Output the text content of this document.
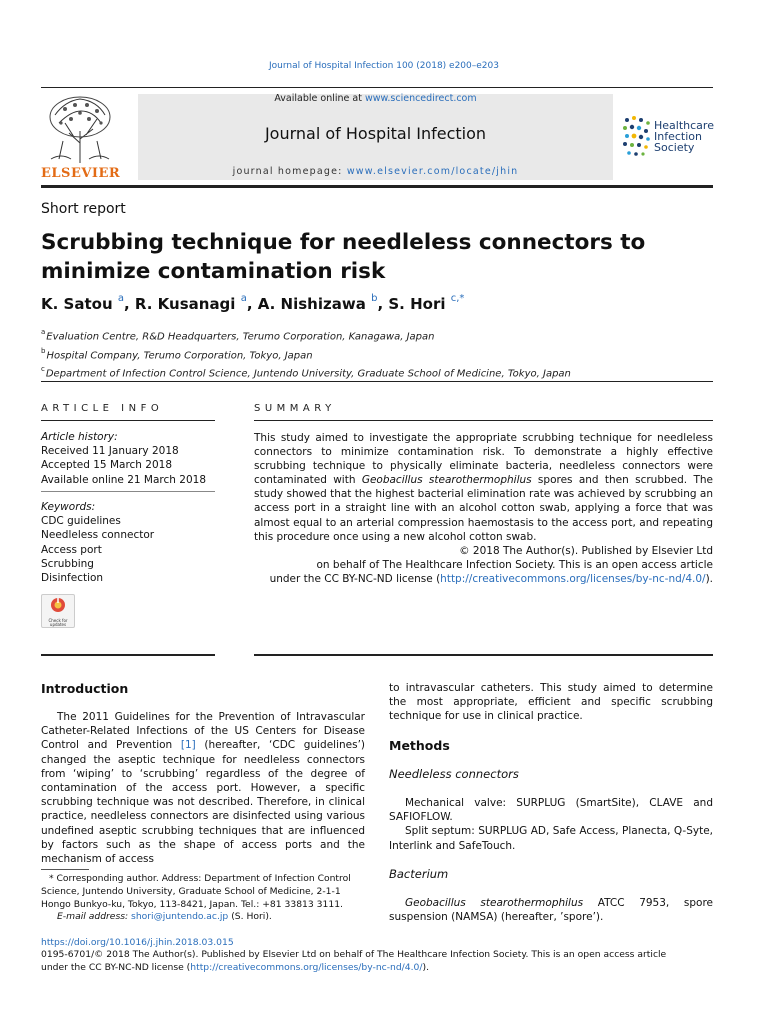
Journal of Hospital Infection 100 (2018) e200–e203
Available online at www.sciencedirect.com
Journal of Hospital Infection
journal homepage: www.elsevier.com/locate/jhin
ELSEVIER
Healthcare
Infection
Society
Short report
Scrubbing technique for needleless connectors to minimize contamination risk
K. Satou $^a$, R. Kusanagi $^a$, A. Nishizawa $^b$, S. Hori $^{c,*}$
$^a$Evaluation Centre, R&D Headquarters, Terumo Corporation, Kanagawa, Japan
$^b$Hospital Company, Terumo Corporation, Tokyo, Japan
$^c$Department of Infection Control Science, Juntendo University, Graduate School of Medicine, Tokyo, Japan
ARTICLE INFO
Article history:
Received 11 January 2018
Accepted 15 March 2018
Available online 21 March 2018
Keywords:
CDC guidelines
Needleless connector
Access port
Scrubbing
Disinfection
Check for
updates
SUMMARY
This study aimed to investigate the appropriate scrubbing technique for needleless connectors to minimize contamination risk. To demonstrate a highly effective scrubbing technique to physically eliminate bacteria, needleless connectors were contaminated with Geobacillus stearothermophilus spores and then scrubbed. The study showed that the highest bacterial elimination rate was achieved by scrubbing an access port in a straight line with an alcohol cotton swab, applying a force that was almost equal to an arterial compression haemostasis to the access port, and repeating this procedure once using a new alcohol cotton swab.
© 2018 The Author(s). Published by Elsevier Ltd
on behalf of The Healthcare Infection Society. This is an open access article
under the CC BY-NC-ND license (http://creativecommons.org/licenses/by-nc-nd/4.0/).
Introduction

The 2011 Guidelines for the Prevention of Intravascular Catheter-Related Infections of the US Centers for Disease Control and Prevention [1] (hereafter, ‘CDC guidelines’) changed the aseptic technique for needleless connectors from ‘wiping’ to ‘scrubbing’ regardless of the degree of contamination of the access port. However, a specific scrubbing technique was not described. Therefore, in clinical practice, needleless connectors are disinfected using various undefined aseptic scrubbing techniques that are influenced by factors such as the shape of access ports and the mechanism of access

* Corresponding author. Address: Department of Infection Control Science, Juntendo University, Graduate School of Medicine, 2-1-1 Hongo Bunkyo-ku, Tokyo, 113-8421, Japan. Tel.: +81 33813 3111.
E-mail address: shori@juntendo.ac.jp (S. Hori).
to intravascular catheters. This study aimed to determine the most appropriate, efficient and specific scrubbing technique for use in clinical practice.
Methods
Needleless connectors

Mechanical valve: SURPLUG (SmartSite), CLAVE and SAFIOFLOW.

Split septum: SURPLUG AD, Safe Access, Planecta, Q-Syte, Interlink and SafeTouch.

Bacterium

Geobacillus stearothermophilus ATCC 7953, spore suspension (NAMSA) (hereafter, ’spore’).

https://doi.org/10.1016/j.jhin.2018.03.015
0195-6701/© 2018 The Author(s). Published by Elsevier Ltd on behalf of The Healthcare Infection Society. This is an open access article
under the CC BY-NC-ND license (http://creativecommons.org/licenses/by-nc-nd/4.0/).
